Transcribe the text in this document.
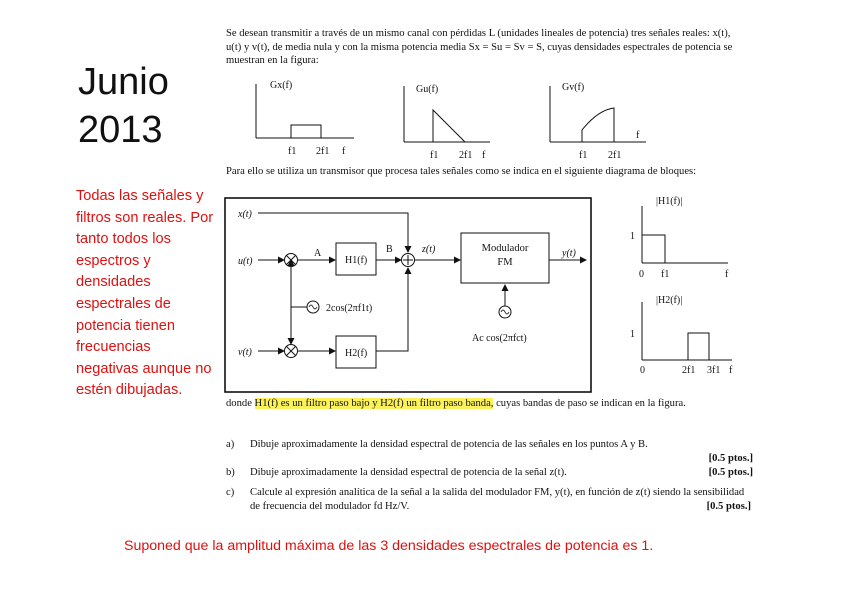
Junio 2013
Todas las señales y filtros son reales. Por tanto todos los espectros y densidades espectrales de potencia tienen frecuencias negativas aunque no estén dibujadas.
Se desean transmitir a través de un mismo canal con pérdidas L (unidades lineales de potencia) tres señales reales: x(t), u(t) y v(t), de media nula y con la misma potencia media Sx = Su = Sv = S, cuyas densidades espectrales de potencia se muestran en la figura:
Gx(f)
f1 2f1 f
Gu(f)
f1 2f1 f
Gv(f)
f1 2f1
f
Para ello se utiliza un transmisor que procesa tales señales como se indica en el siguiente diagrama de bloques:
x(t)
u(t)
A
H1(f)
B	z(t)	Modulador
FM
y(t)
Ac cos(2πfct)
2cos(2πf1t)
v(t)	H2(f)
|H1(f)|
1
0 f1	f
|H2(f)|
1
0	2f1 3f1 f
donde H1(f) es un filtro paso bajo y H2(f) un filtro paso banda, cuyas bandas de paso se indican en la figura.
a) Dibuje aproximadamente la densidad espectral de potencia de las señales en los puntos A y B.
[0.5 ptos.]
b) Dibuje aproximadamente la densidad espectral de potencia de la señal z(t).	[0.5 ptos.]
c) Calcule al expresión analítica de la señal a la salida del modulador FM, y(t), en función de z(t) siendo la sensibilidad de frecuencia del modulador fd Hz/V.	[0.5 ptos.]
Suponed que la amplitud máxima de las 3 densidades espectrales de potencia es 1.
